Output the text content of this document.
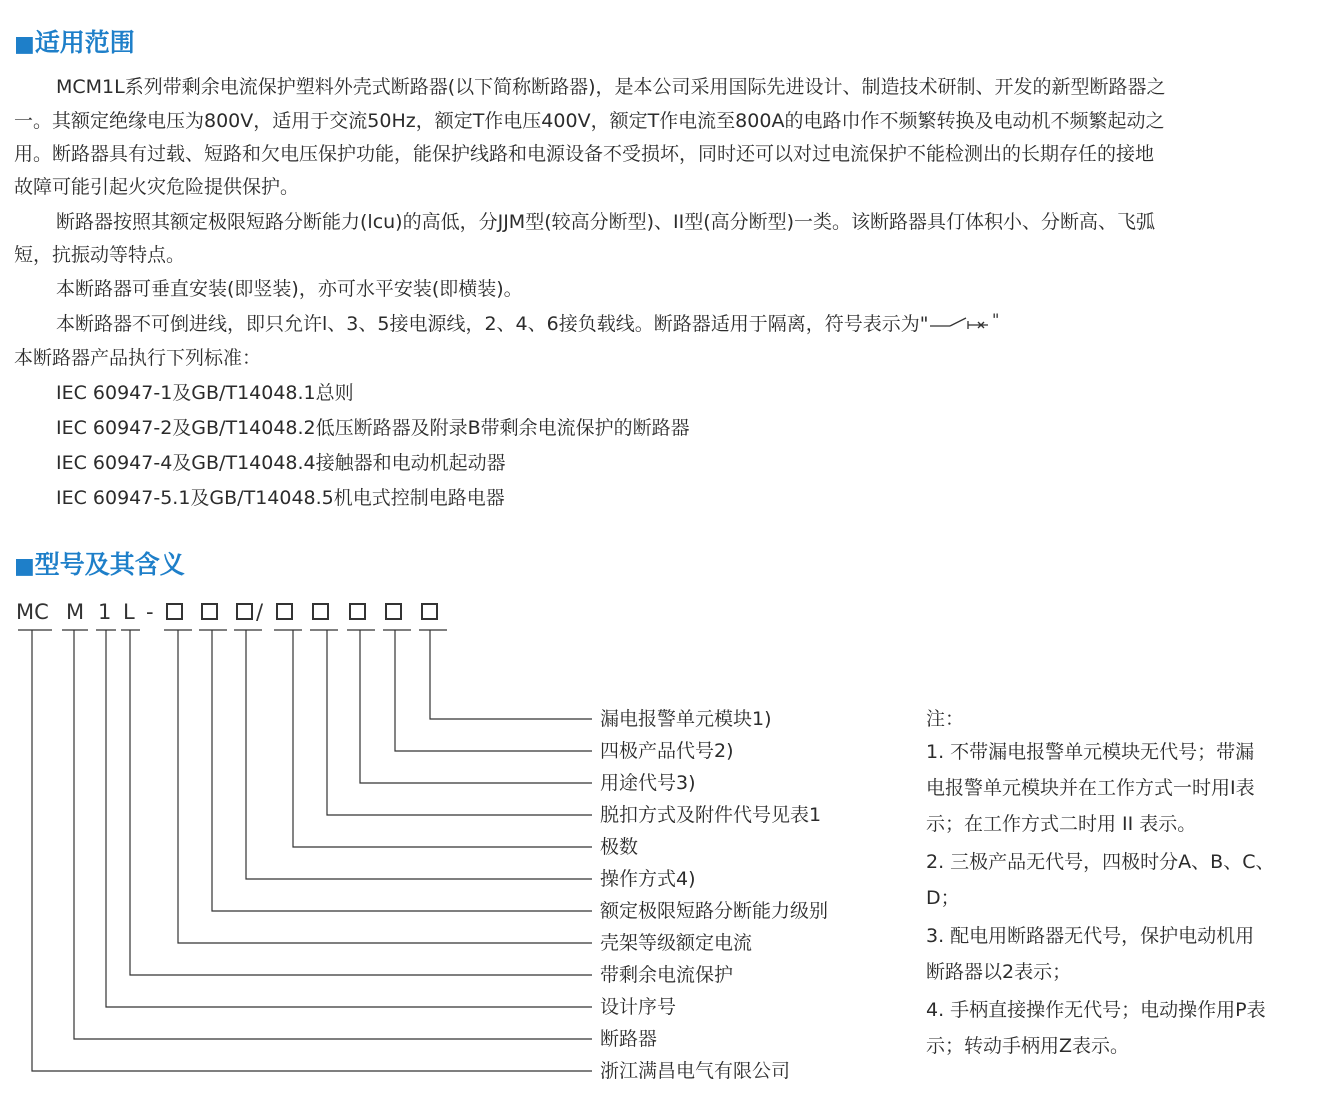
■适用范围

MCM1L系列带剩余电流保护塑料外壳式断路器(以下简称断路器)，是本公司采用国际先进设计、制造技术研制、开发的新型断路器之

一。其额定绝缘电压为800V，适用于交流50Hz，额定T作电压400V，额定T作电流至800A的电路巾作不频繁转换及电动机不频繁起动之

用。断路器具有过载、短路和欠电压保护功能，能保护线路和电源设备不受损坏，同时还可以对过电流保护不能检测出的长期存任的接地

故障可能引起火灾危险提供保护。

断路器按照其额定极限短路分断能力(lcu)的高低，分JJM型(较高分断型)、II型(高分断型)一类。该断路器具仃体积小、分断高、飞弧

短，抗振动等特点。

本断路器可垂直安装(即竖装)，亦可水平安装(即横装)。

本断路器不可倒进线，即只允许l、3、5接电源线，2、4、6接负载线。断路器适用于隔离，符号表示为"	"

本断路器产品执行下列标准：

IEC 60947-1及GB/T14048.1总则

IEC 60947-2及GB/T14048.2低压断路器及附录B带剩余电流保护的断路器

IEC 60947-4及GB/T14048.4接触器和电动机起动器

IEC 60947-5.1及GB/T14048.5机电式控制电路电器

■型号及其含义
MC M 1 L -	/
漏电报警单元模块1)
四极产品代号2)
用途代号3)
脱扣方式及附件代号见表1
极数
操作方式4)
额定极限短路分断能力级别
壳架等级额定电流
带剩余电流保护
设计序号
断路器
浙江满昌电气有限公司
注：
1. 不带漏电报警单元模块无代号；带漏
电报警单元模块并在工作方式一时用I表
示；在工作方式二时用 II 表示。
2. 三极产品无代号，四极时分A、B、C、
D；
3. 配电用断路器无代号，保护电动机用
断路器以2表示；
4. 手柄直接操作无代号；电动操作用P表
示；转动手柄用Z表示。
